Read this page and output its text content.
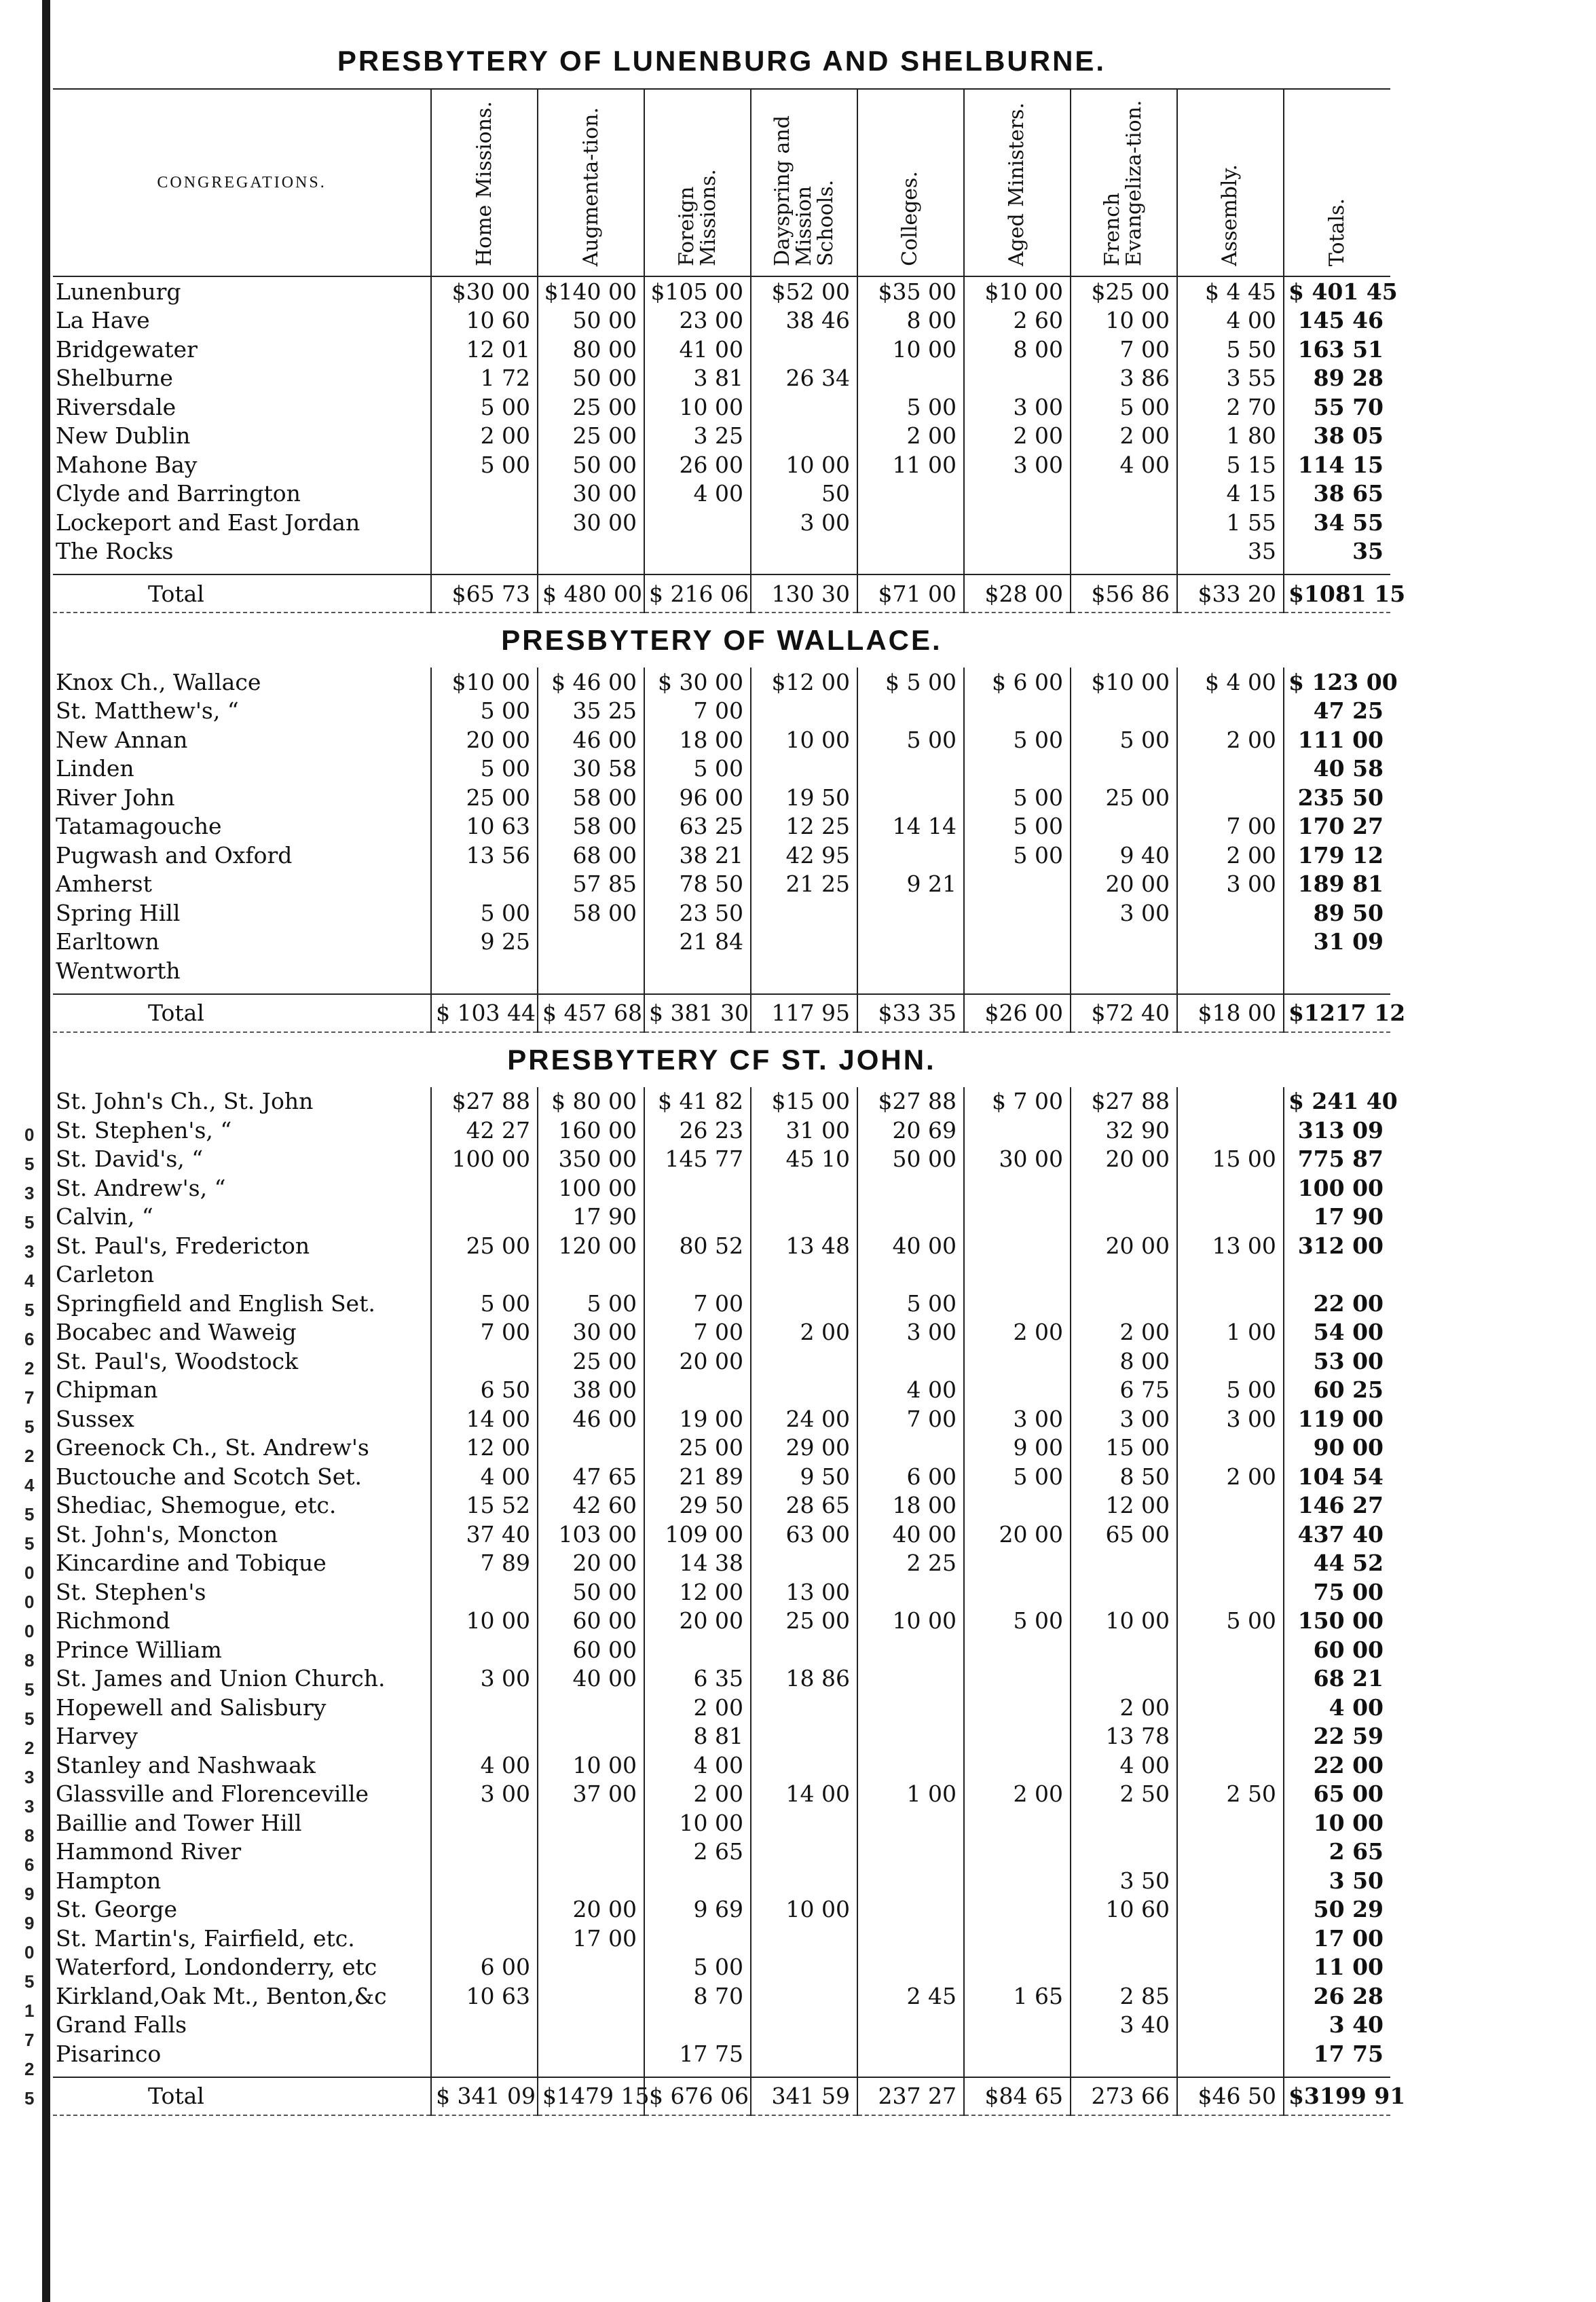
0
5
3
5
3
4
5
6
2
7
5
2
4
5
5
0
0
0
8
5
5
2
3
3
8
6
9
9
0
5
1
7
2
5
PRESBYTERY OF LUNENBURG AND SHELBURNE.
CONGREGATIONS.	Home Missions.	Augmenta-tion.	Foreign Missions.	Dayspring and Mission Schools.	Colleges.	Aged Ministers.	French Evangeliza-tion.	Assembly.	Totals.
Lunenburg	$30 00	$140 00	$105 00	$52 00	$35 00	$10 00	$25 00	$ 4 45	$ 401 45
La Have	10 60	50 00	23 00	38 46	8 00	2 60	10 00	4 00	145 46
Bridgewater	12 01	80 00	41 00		10 00	8 00	7 00	5 50	163 51
Shelburne	1 72	50 00	3 81	26 34			3 86	3 55	89 28
Riversdale	5 00	25 00	10 00		5 00	3 00	5 00	2 70	55 70
New Dublin	2 00	25 00	3 25		2 00	2 00	2 00	1 80	38 05
Mahone Bay	5 00	50 00	26 00	10 00	11 00	3 00	4 00	5 15	114 15
Clyde and Barrington		30 00	4 00	50				4 15	38 65
Lockeport and East Jordan		30 00		3 00				1 55	34 55
The Rocks								35	35

Total	$65 73	$ 480 00	$ 216 06	130 30	$71 00	$28 00	$56 86	$33 20	$1081 15
PRESBYTERY OF WALLACE.
Knox Ch., Wallace	$10 00	$ 46 00	$ 30 00	$12 00	$ 5 00	$ 6 00	$10 00	$ 4 00	$ 123 00
St. Matthew's, “	5 00	35 25	7 00						47 25
New Annan	20 00	46 00	18 00	10 00	5 00	5 00	5 00	2 00	111 00
Linden	5 00	30 58	5 00						40 58
River John	25 00	58 00	96 00	19 50		5 00	25 00		235 50
Tatamagouche	10 63	58 00	63 25	12 25	14 14	5 00		7 00	170 27
Pugwash and Oxford	13 56	68 00	38 21	42 95		5 00	9 40	2 00	179 12
Amherst		57 85	78 50	21 25	9 21		20 00	3 00	189 81
Spring Hill	5 00	58 00	23 50				3 00		89 50
Earltown	9 25		21 84						31 09
Wentworth									

Total	$ 103 44	$ 457 68	$ 381 30	117 95	$33 35	$26 00	$72 40	$18 00	$1217 12
PRESBYTERY CF ST. JOHN.
St. John's Ch., St. John	$27 88	$ 80 00	$ 41 82	$15 00	$27 88	$ 7 00	$27 88		$ 241 40
St. Stephen's, “	42 27	160 00	26 23	31 00	20 69		32 90		313 09
St. David's, “	100 00	350 00	145 77	45 10	50 00	30 00	20 00	15 00	775 87
St. Andrew's, “		100 00							100 00
Calvin, “		17 90							17 90
St. Paul's, Fredericton	25 00	120 00	80 52	13 48	40 00		20 00	13 00	312 00
Carleton									
Springfield and English Set.	5 00	5 00	7 00		5 00				22 00
Bocabec and Waweig	7 00	30 00	7 00	2 00	3 00	2 00	2 00	1 00	54 00
St. Paul's, Woodstock		25 00	20 00				8 00		53 00
Chipman	6 50	38 00			4 00		6 75	5 00	60 25
Sussex	14 00	46 00	19 00	24 00	7 00	3 00	3 00	3 00	119 00
Greenock Ch., St. Andrew's	12 00		25 00	29 00		9 00	15 00		90 00
Buctouche and Scotch Set.	4 00	47 65	21 89	9 50	6 00	5 00	8 50	2 00	104 54
Shediac, Shemogue, etc.	15 52	42 60	29 50	28 65	18 00		12 00		146 27
St. John's, Moncton	37 40	103 00	109 00	63 00	40 00	20 00	65 00		437 40
Kincardine and Tobique	7 89	20 00	14 38		2 25				44 52
St. Stephen's		50 00	12 00	13 00					75 00
Richmond	10 00	60 00	20 00	25 00	10 00	5 00	10 00	5 00	150 00
Prince William		60 00							60 00
St. James and Union Church.	3 00	40 00	6 35	18 86					68 21
Hopewell and Salisbury			2 00				2 00		4 00
Harvey			8 81				13 78		22 59
Stanley and Nashwaak	4 00	10 00	4 00				4 00		22 00
Glassville and Florenceville	3 00	37 00	2 00	14 00	1 00	2 00	2 50	2 50	65 00
Baillie and Tower Hill			10 00						10 00
Hammond River			2 65						2 65
Hampton							3 50		3 50
St. George		20 00	9 69	10 00			10 60		50 29
St. Martin's, Fairfield, etc.		17 00							17 00
Waterford, Londonderry, etc	6 00		5 00						11 00
Kirkland,Oak Mt., Benton,&c	10 63		8 70		2 45	1 65	2 85		26 28
Grand Falls							3 40		3 40
Pisarinco			17 75						17 75

Total	$ 341 09	$1479 15	$ 676 06	341 59	237 27	$84 65	273 66	$46 50	$3199 91
